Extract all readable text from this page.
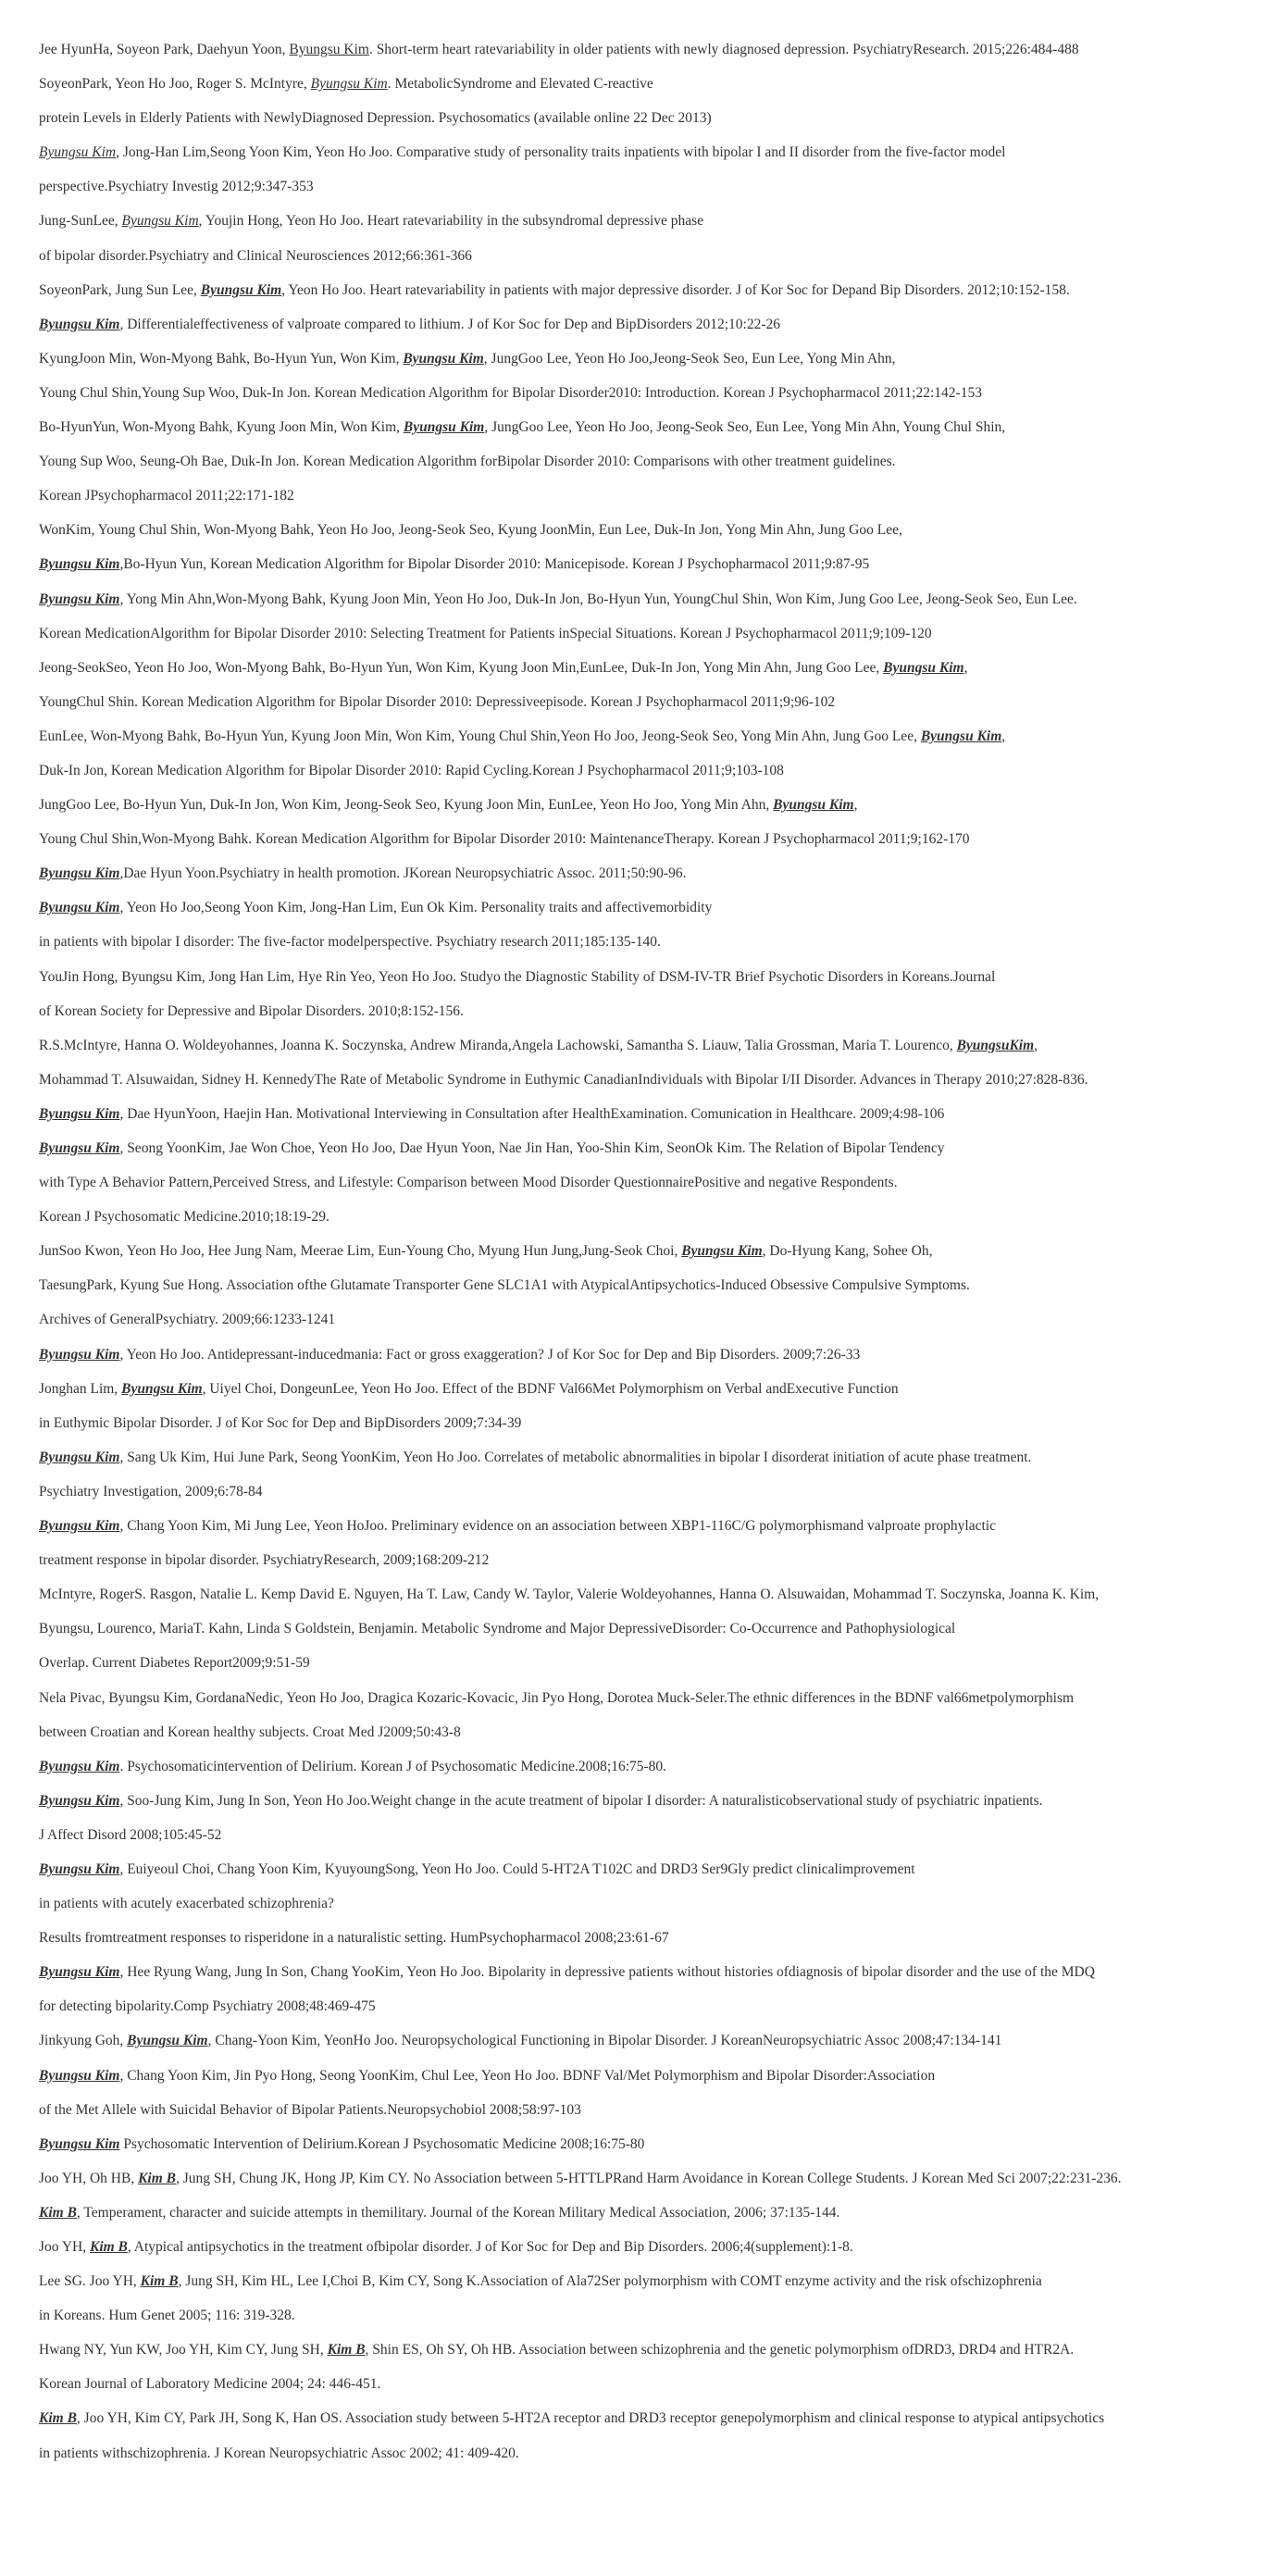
Jee HyunHa, Soyeon Park, Daehyun Yoon, Byungsu Kim. Short-term heart ratevariability in older patients with newly diagnosed depression. PsychiatryResearch. 2015;226:484-488
SoyeonPark, Yeon Ho Joo, Roger S. McIntyre, Byungsu Kim. MetabolicSyndrome and Elevated C-reactive
protein Levels in Elderly Patients with NewlyDiagnosed Depression. Psychosomatics (available online 22 Dec 2013)
Byungsu Kim, Jong-Han Lim,Seong Yoon Kim, Yeon Ho Joo. Comparative study of personality traits inpatients with bipolar I and II disorder from the five-factor model
perspective.Psychiatry Investig 2012;9:347-353
Jung-SunLee, Byungsu Kim, Youjin Hong, Yeon Ho Joo. Heart ratevariability in the subsyndromal depressive phase
of bipolar disorder.Psychiatry and Clinical Neurosciences 2012;66:361-366
SoyeonPark, Jung Sun Lee, Byungsu Kim, Yeon Ho Joo. Heart ratevariability in patients with major depressive disorder. J of Kor Soc for Depand Bip Disorders. 2012;10:152-158.
Byungsu Kim, Differentialeffectiveness of valproate compared to lithium. J of Kor Soc for Dep and BipDisorders 2012;10:22-26
KyungJoon Min, Won-Myong Bahk, Bo-Hyun Yun, Won Kim, Byungsu Kim, JungGoo Lee, Yeon Ho Joo,Jeong-Seok Seo, Eun Lee, Yong Min Ahn,
Young Chul Shin,Young Sup Woo, Duk-In Jon. Korean Medication Algorithm for Bipolar Disorder2010: Introduction. Korean J Psychopharmacol 2011;22:142-153
Bo-HyunYun, Won-Myong Bahk, Kyung Joon Min, Won Kim, Byungsu Kim, JungGoo Lee, Yeon Ho Joo, Jeong-Seok Seo, Eun Lee, Yong Min Ahn, Young Chul Shin,
Young Sup Woo, Seung-Oh Bae, Duk-In Jon. Korean Medication Algorithm forBipolar Disorder 2010: Comparisons with other treatment guidelines.
Korean JPsychopharmacol 2011;22:171-182
WonKim, Young Chul Shin, Won-Myong Bahk, Yeon Ho Joo, Jeong-Seok Seo, Kyung JoonMin, Eun Lee, Duk-In Jon, Yong Min Ahn, Jung Goo Lee,
Byungsu Kim,Bo-Hyun Yun, Korean Medication Algorithm for Bipolar Disorder 2010: Manicepisode. Korean J Psychopharmacol 2011;9:87-95
Byungsu Kim, Yong Min Ahn,Won-Myong Bahk, Kyung Joon Min, Yeon Ho Joo, Duk-In Jon, Bo-Hyun Yun, YoungChul Shin, Won Kim, Jung Goo Lee, Jeong-Seok Seo, Eun Lee.
Korean MedicationAlgorithm for Bipolar Disorder 2010: Selecting Treatment for Patients inSpecial Situations. Korean J Psychopharmacol 2011;9;109-120
Jeong-SeokSeo, Yeon Ho Joo, Won-Myong Bahk, Bo-Hyun Yun, Won Kim, Kyung Joon Min,EunLee, Duk-In Jon, Yong Min Ahn, Jung Goo Lee, Byungsu Kim,
YoungChul Shin. Korean Medication Algorithm for Bipolar Disorder 2010: Depressiveepisode. Korean J Psychopharmacol 2011;9;96-102
EunLee, Won-Myong Bahk, Bo-Hyun Yun, Kyung Joon Min, Won Kim, Young Chul Shin,Yeon Ho Joo, Jeong-Seok Seo, Yong Min Ahn, Jung Goo Lee, Byungsu Kim,
Duk-In Jon, Korean Medication Algorithm for Bipolar Disorder 2010: Rapid Cycling.Korean J Psychopharmacol 2011;9;103-108
JungGoo Lee, Bo-Hyun Yun, Duk-In Jon, Won Kim, Jeong-Seok Seo, Kyung Joon Min, EunLee, Yeon Ho Joo, Yong Min Ahn, Byungsu Kim,
Young Chul Shin,Won-Myong Bahk. Korean Medication Algorithm for Bipolar Disorder 2010: MaintenanceTherapy. Korean J Psychopharmacol 2011;9;162-170
Byungsu Kim,Dae Hyun Yoon.Psychiatry in health promotion. JKorean Neuropsychiatric Assoc. 2011;50:90-96.
Byungsu Kim, Yeon Ho Joo,Seong Yoon Kim, Jong-Han Lim, Eun Ok Kim. Personality traits and affectivemorbidity
in patients with bipolar I disorder: The five-factor modelperspective. Psychiatry research 2011;185:135-140.
YouJin Hong, Byungsu Kim, Jong Han Lim, Hye Rin Yeo, Yeon Ho Joo. Studyo the Diagnostic Stability of DSM-IV-TR Brief Psychotic Disorders in Koreans.Journal
of Korean Society for Depressive and Bipolar Disorders. 2010;8:152-156.
R.S.McIntyre, Hanna O. Woldeyohannes, Joanna K. Soczynska, Andrew Miranda,Angela Lachowski, Samantha S. Liauw, Talia Grossman, Maria T. Lourenco, ByungsuKim,
Mohammad T. Alsuwaidan, Sidney H. KennedyThe Rate of Metabolic Syndrome in Euthymic CanadianIndividuals with Bipolar I/II Disorder. Advances in Therapy 2010;27:828-836.
Byungsu Kim, Dae HyunYoon, Haejin Han. Motivational Interviewing in Consultation after HealthExamination. Comunication in Healthcare. 2009;4:98-106
Byungsu Kim, Seong YoonKim, Jae Won Choe, Yeon Ho Joo, Dae Hyun Yoon, Nae Jin Han, Yoo-Shin Kim, SeonOk Kim. The Relation of Bipolar Tendency
with Type A Behavior Pattern,Perceived Stress, and Lifestyle: Comparison between Mood Disorder QuestionnairePositive and negative Respondents.
Korean J Psychosomatic Medicine.2010;18:19-29.
JunSoo Kwon, Yeon Ho Joo, Hee Jung Nam, Meerae Lim, Eun-Young Cho, Myung Hun Jung,Jung-Seok Choi, Byungsu Kim, Do-Hyung Kang, Sohee Oh,
TaesungPark, Kyung Sue Hong. Association ofthe Glutamate Transporter Gene SLC1A1 with AtypicalAntipsychotics-Induced Obsessive Compulsive Symptoms.
Archives of GeneralPsychiatry. 2009;66:1233-1241
Byungsu Kim, Yeon Ho Joo. Antidepressant-inducedmania: Fact or gross exaggeration? J of Kor Soc for Dep and Bip Disorders. 2009;7:26-33
Jonghan Lim, Byungsu Kim, Uiyel Choi, DongeunLee, Yeon Ho Joo. Effect of the BDNF Val66Met Polymorphism on Verbal andExecutive Function
in Euthymic Bipolar Disorder. J of Kor Soc for Dep and BipDisorders 2009;7:34-39
Byungsu Kim, Sang Uk Kim, Hui June Park, Seong YoonKim, Yeon Ho Joo. Correlates of metabolic abnormalities in bipolar I disorderat initiation of acute phase treatment.
Psychiatry Investigation, 2009;6:78-84
Byungsu Kim, Chang Yoon Kim, Mi Jung Lee, Yeon HoJoo. Preliminary evidence on an association between XBP1-116C/G polymorphismand valproate prophylactic
treatment response in bipolar disorder. PsychiatryResearch, 2009;168:209-212
McIntyre, RogerS. Rasgon, Natalie L. Kemp David E. Nguyen, Ha T. Law, Candy W. Taylor, Valerie Woldeyohannes, Hanna O. Alsuwaidan, Mohammad T. Soczynska, Joanna K. Kim,
Byungsu, Lourenco, MariaT. Kahn, Linda S Goldstein, Benjamin. Metabolic Syndrome and Major DepressiveDisorder: Co-Occurrence and Pathophysiological
Overlap. Current Diabetes Report2009;9:51-59
Nela Pivac, Byungsu Kim, GordanaNedic, Yeon Ho Joo, Dragica Kozaric-Kovacic, Jin Pyo Hong, Dorotea Muck-Seler.The ethnic differences in the BDNF val66metpolymorphism
between Croatian and Korean healthy subjects. Croat Med J2009;50:43-8
Byungsu Kim. Psychosomaticintervention of Delirium. Korean J of Psychosomatic Medicine.2008;16:75-80.
Byungsu Kim, Soo-Jung Kim, Jung In Son, Yeon Ho Joo.Weight change in the acute treatment of bipolar I disorder: A naturalisticobservational study of psychiatric inpatients.
J Affect Disord 2008;105:45-52
Byungsu Kim, Euiyeoul Choi, Chang Yoon Kim, KyuyoungSong, Yeon Ho Joo. Could 5-HT2A T102C and DRD3 Ser9Gly predict clinicalimprovement
in patients with acutely exacerbated schizophrenia?
Results fromtreatment responses to risperidone in a naturalistic setting. HumPsychopharmacol 2008;23:61-67
Byungsu Kim, Hee Ryung Wang, Jung In Son, Chang YooKim, Yeon Ho Joo. Bipolarity in depressive patients without histories ofdiagnosis of bipolar disorder and the use of the MDQ
for detecting bipolarity.Comp Psychiatry 2008;48:469-475
Jinkyung Goh, Byungsu Kim, Chang-Yoon Kim, YeonHo Joo. Neuropsychological Functioning in Bipolar Disorder. J KoreanNeuropsychiatric Assoc 2008;47:134-141
Byungsu Kim, Chang Yoon Kim, Jin Pyo Hong, Seong YoonKim, Chul Lee, Yeon Ho Joo. BDNF Val/Met Polymorphism and Bipolar Disorder:Association
of the Met Allele with Suicidal Behavior of Bipolar Patients.Neuropsychobiol 2008;58:97-103
Byungsu Kim Psychosomatic Intervention of Delirium.Korean J Psychosomatic Medicine 2008;16:75-80
Joo YH, Oh HB, Kim B, Jung SH, Chung JK, Hong JP, Kim CY. No Association between 5-HTTLPRand Harm Avoidance in Korean College Students. J Korean Med Sci 2007;22:231-236.
Kim B, Temperament, character and suicide attempts in themilitary. Journal of the Korean Military Medical Association, 2006; 37:135-144.
Joo YH, Kim B, Atypical antipsychotics in the treatment ofbipolar disorder. J of Kor Soc for Dep and Bip Disorders. 2006;4(supplement):1-8.
Lee SG. Joo YH, Kim B, Jung SH, Kim HL, Lee I,Choi B, Kim CY, Song K.Association of Ala72Ser polymorphism with COMT enzyme activity and the risk ofschizophrenia
in Koreans. Hum Genet 2005; 116: 319-328.
Hwang NY, Yun KW, Joo YH, Kim CY, Jung SH, Kim B, Shin ES, Oh SY, Oh HB. Association between schizophrenia and the genetic polymorphism ofDRD3, DRD4 and HTR2A.
Korean Journal of Laboratory Medicine 2004; 24: 446-451.
Kim B, Joo YH, Kim CY, Park JH, Song K, Han OS. Association study between 5-HT2A receptor and DRD3 receptor genepolymorphism and clinical response to atypical antipsychotics
in patients withschizophrenia. J Korean Neuropsychiatric Assoc 2002; 41: 409-420.
